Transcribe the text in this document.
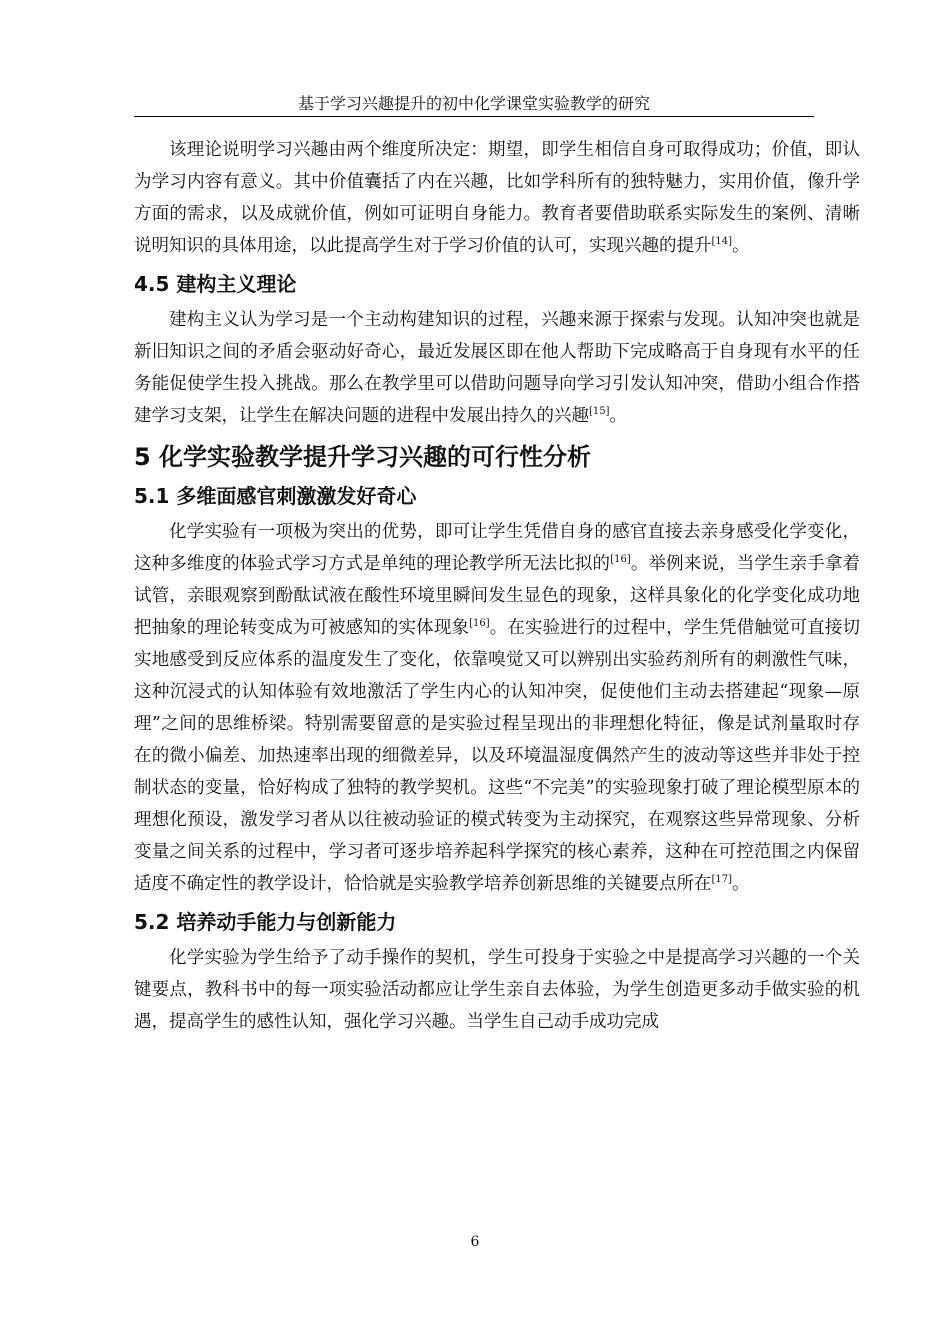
基于学习兴趣提升的初中化学课堂实验教学的研究

该理论说明学习兴趣由两个维度所决定：期望，即学生相信自身可取得成功；价值，即认为学习内容有意义。其中价值囊括了内在兴趣，比如学科所有的独特魅力，实用价值，像升学方面的需求，以及成就价值，例如可证明自身能力。教育者要借助联系实际发生的案例、清晰说明知识的具体用途，以此提高学生对于学习价值的认可，实现兴趣的提升[14]。

4.5 建构主义理论

建构主义认为学习是一个主动构建知识的过程，兴趣来源于探索与发现。认知冲突也就是新旧知识之间的矛盾会驱动好奇心，最近发展区即在他人帮助下完成略高于自身现有水平的任务能促使学生投入挑战。那么在教学里可以借助问题导向学习引发认知冲突，借助小组合作搭建学习支架，让学生在解决问题的进程中发展出持久的兴趣[15]。

5 化学实验教学提升学习兴趣的可行性分析
5.1 多维面感官刺激激发好奇心

化学实验有一项极为突出的优势，即可让学生凭借自身的感官直接去亲身感受化学变化，这种多维度的体验式学习方式是单纯的理论教学所无法比拟的[16]。举例来说，当学生亲手拿着试管，亲眼观察到酚酞试液在酸性环境里瞬间发生显色的现象，这样具象化的化学变化成功地把抽象的理论转变成为可被感知的实体现象[16]。在实验进行的过程中，学生凭借触觉可直接切实地感受到反应体系的温度发生了变化，依靠嗅觉又可以辨别出实验药剂所有的刺激性气味，这种沉浸式的认知体验有效地激活了学生内心的认知冲突，促使他们主动去搭建起“现象—原理”之间的思维桥梁。特别需要留意的是实验过程呈现出的非理想化特征，像是试剂量取时存在的微小偏差、加热速率出现的细微差异，以及环境温湿度偶然产生的波动等这些并非处于控制状态的变量，恰好构成了独特的教学契机。这些“不完美”的实验现象打破了理论模型原本的理想化预设，激发学习者从以往被动验证的模式转变为主动探究，在观察这些异常现象、分析变量之间关系的过程中，学习者可逐步培养起科学探究的核心素养，这种在可控范围之内保留适度不确定性的教学设计，恰恰就是实验教学培养创新思维的关键要点所在[17]。

5.2 培养动手能力与创新能力

化学实验为学生给予了动手操作的契机，学生可投身于实验之中是提高学习兴趣的一个关键要点，教科书中的每一项实验活动都应让学生亲自去体验，为学生创造更多动手做实验的机遇，提高学生的感性认知，强化学习兴趣。当学生自己动手成功完成

6
